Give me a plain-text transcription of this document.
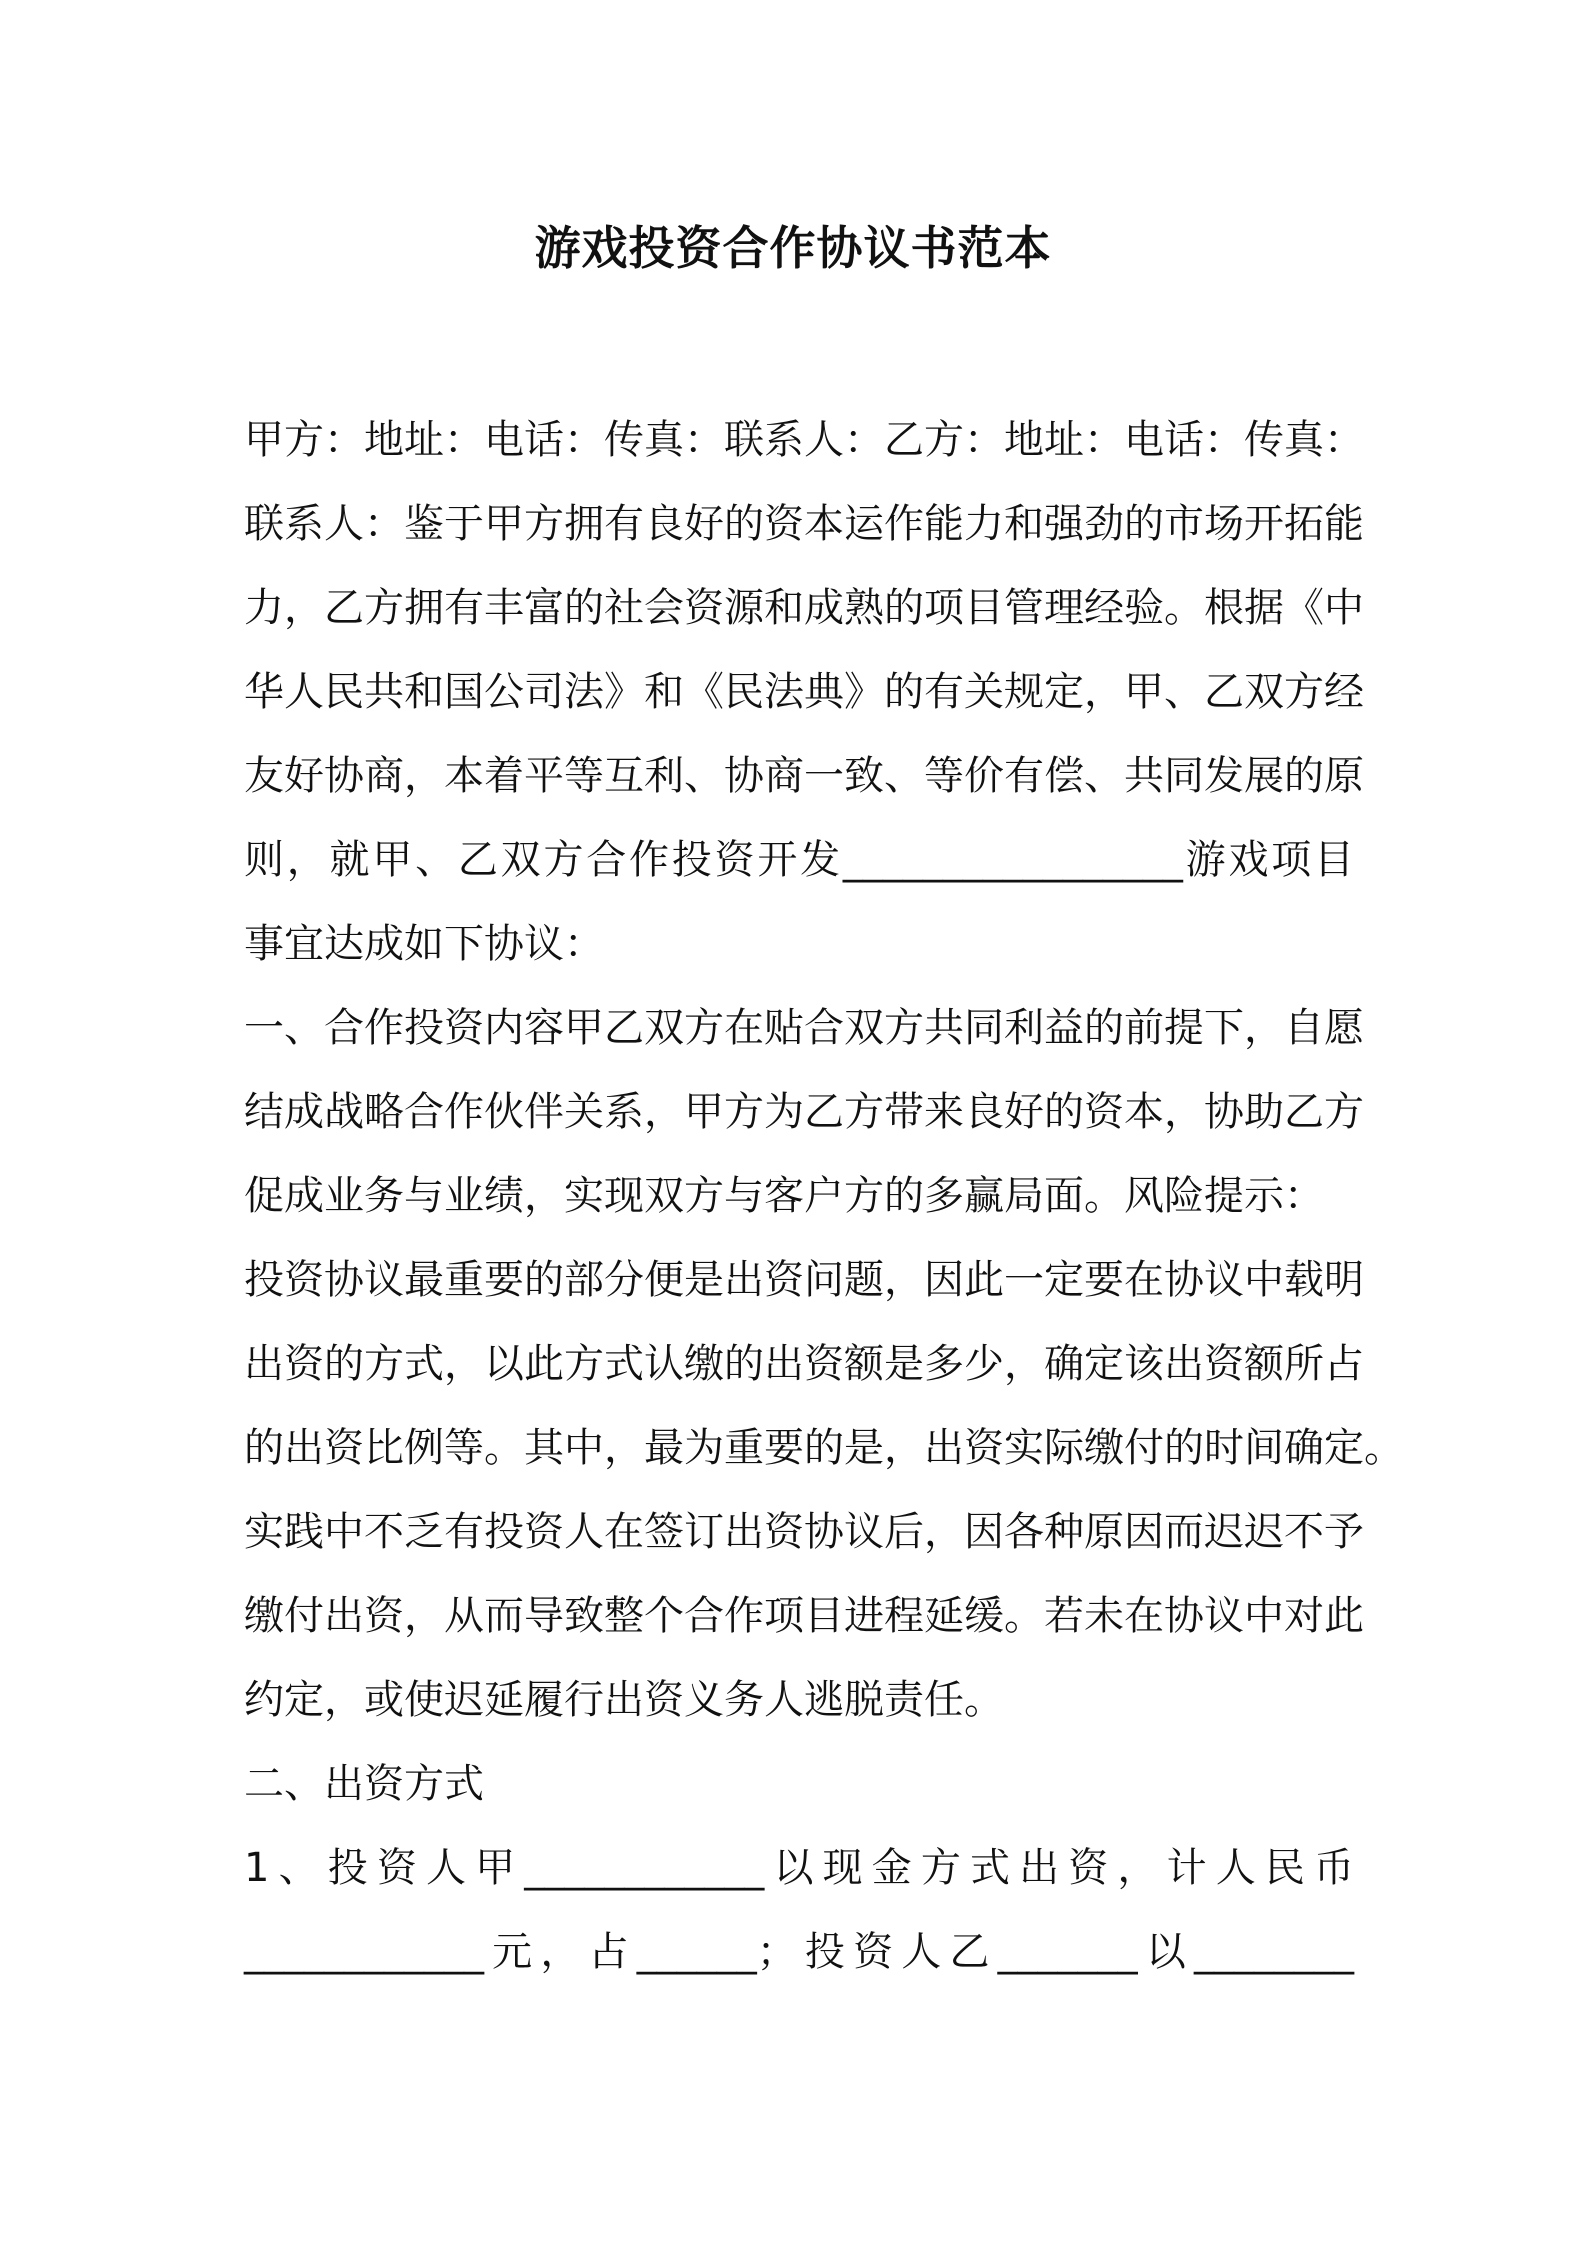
游戏投资合作协议书范本
甲方：地址：电话：传真：联系人：乙方：地址：电话：传真：
联系人：鉴于甲方拥有良好的资本运作能力和强劲的市场开拓能
力，乙方拥有丰富的社会资源和成熟的项目管理经验。根据《中
华人民共和国公司法》和《民法典》的有关规定，甲、乙双方经
友好协商，本着平等互利、协商一致、等价有偿、共同发展的原
则，就甲、乙双方合作投资开发_________________游戏项目
事宜达成如下协议：
一、合作投资内容甲乙双方在贴合双方共同利益的前提下，自愿
结成战略合作伙伴关系，甲方为乙方带来良好的资本，协助乙方
促成业务与业绩，实现双方与客户方的多赢局面。风险提示：
投资协议最重要的部分便是出资问题，因此一定要在协议中载明
出资的方式，以此方式认缴的出资额是多少，确定该出资额所占
的出资比例等。其中，最为重要的是，出资实际缴付的时间确定。
实践中不乏有投资人在签订出资协议后，因各种原因而迟迟不予
缴付出资，从而导致整个合作项目进程延缓。若未在协议中对此
约定，或使迟延履行出资义务人逃脱责任。
二、出资方式
1、投资人甲____________以现金方式出资，计人民币
____________元，占______；投资人乙_______以________
